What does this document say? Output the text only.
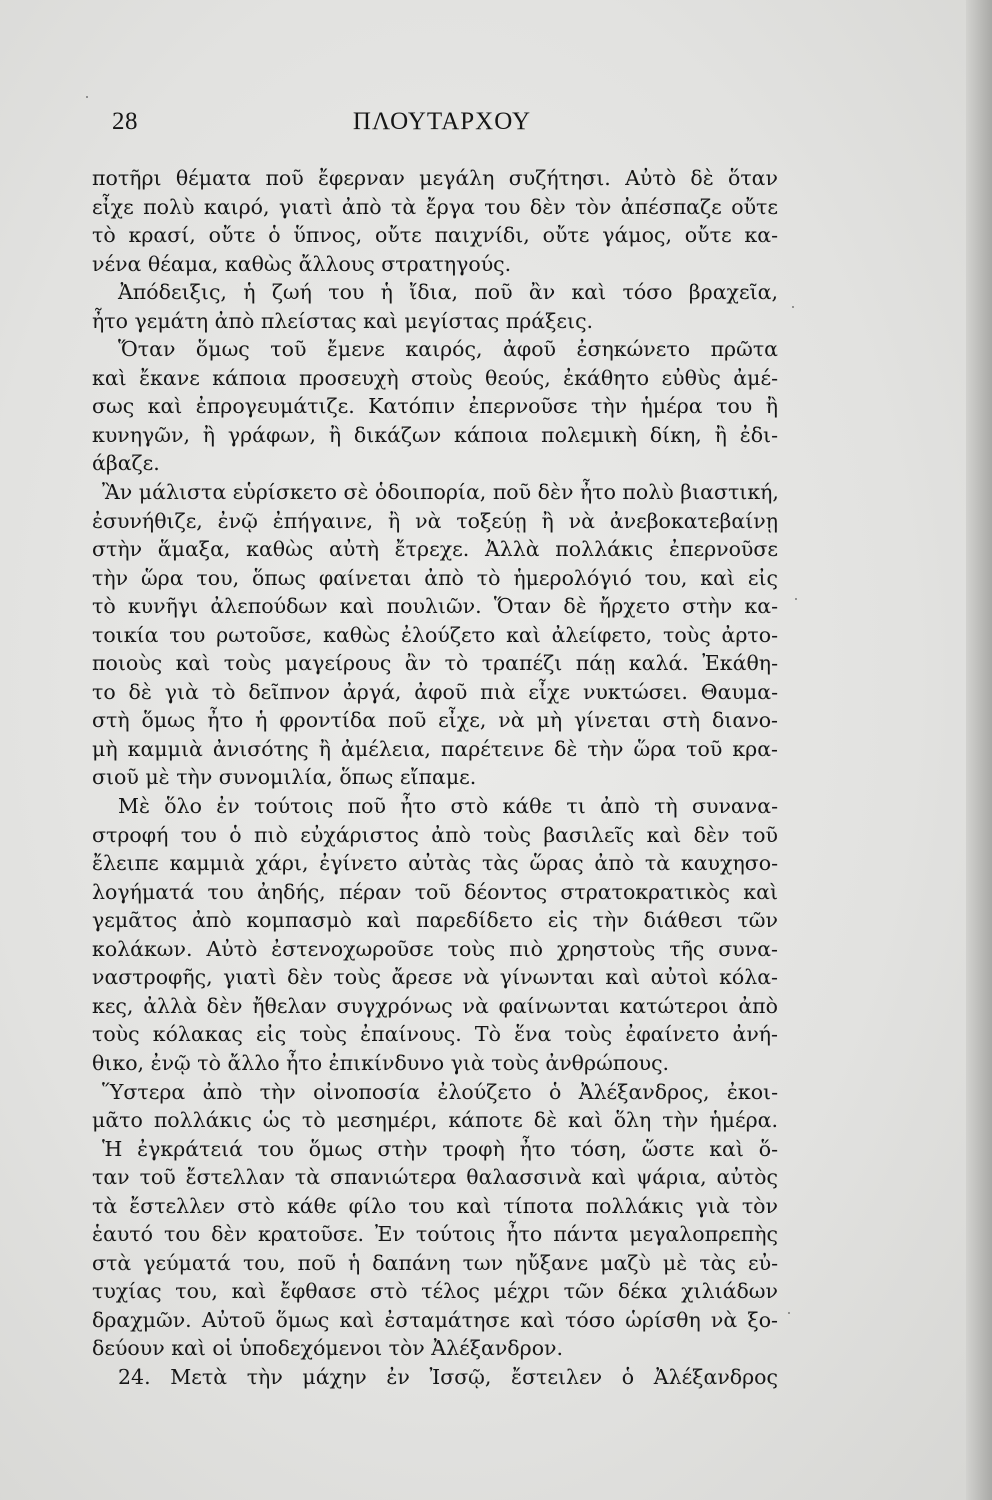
28	ΠΛΟΥΤΑΡΧΟΥ
ποτῆρι θέματα ποῦ ἔφερναν μεγάλη συζήτησι. Αὐτὸ δὲ ὅταν
εἶχε πολὺ καιρό, γιατὶ ἀπὸ τὰ ἔργα του δὲν τὸν ἀπέσπαζε οὔτε
τὸ κρασί, οὔτε ὁ ὕπνος, οὔτε παιχνίδι, οὔτε γάμος, οὔτε κα-
νένα θέαμα, καθὼς ἄλλους στρατηγούς.
Ἀπόδειξις, ἡ ζωή του ἡ ἴδια, ποῦ ἂν καὶ τόσο βραχεῖα,
ἦτο γεμάτη ἀπὸ πλείστας καὶ μεγίστας πράξεις.
Ὅταν ὅμως τοῦ ἔμενε καιρός, ἀφοῦ ἐσηκώνετο πρῶτα
καὶ ἔκανε κάποια προσευχὴ στοὺς θεούς, ἐκάθητο εὐθὺς ἀμέ-
σως καὶ ἐπρογευμάτιζε. Κατόπιν ἐπερνοῦσε τὴν ἡμέρα του ἢ
κυνηγῶν, ἢ γράφων, ἢ δικάζων κάποια πολεμικὴ δίκη, ἢ ἐδι-
άβαζε.
Ἂν μάλιστα εὑρίσκετο σὲ ὁδοιπορία, ποῦ δὲν ἦτο πολὺ βιαστική,
ἐσυνήθιζε, ἐνῷ ἐπήγαινε, ἢ νὰ τοξεύῃ ἢ νὰ ἀνεβοκατεβαίνῃ
στὴν ἅμαξα, καθὼς αὐτὴ ἔτρεχε. Ἀλλὰ πολλάκις ἐπερνοῦσε
τὴν ὥρα του, ὅπως φαίνεται ἀπὸ τὸ ἡμερολόγιό του, καὶ εἰς
τὸ κυνῆγι ἀλεπούδων καὶ πουλιῶν. Ὅταν δὲ ἤρχετο στὴν κα-
τοικία του ρωτοῦσε, καθὼς ἐλούζετο καὶ ἀλείφετο, τοὺς ἀρτο-
ποιοὺς καὶ τοὺς μαγείρους ἂν τὸ τραπέζι πάῃ καλά. Ἐκάθη-
το δὲ γιὰ τὸ δεῖπνον ἀργά, ἀφοῦ πιὰ εἶχε νυκτώσει. Θαυμα-
στὴ ὅμως ἦτο ἡ φροντίδα ποῦ εἶχε, νὰ μὴ γίνεται στὴ διανο-
μὴ καμμιὰ ἀνισότης ἢ ἀμέλεια, παρέτεινε δὲ τὴν ὥρα τοῦ κρα-
σιοῦ μὲ τὴν συνομιλία, ὅπως εἴπαμε.
Μὲ ὅλο ἐν τούτοις ποῦ ἦτο στὸ κάθε τι ἀπὸ τὴ συνανα-
στροφή του ὁ πιὸ εὐχάριστος ἀπὸ τοὺς βασιλεῖς καὶ δὲν τοῦ
ἔλειπε καμμιὰ χάρι, ἐγίνετο αὐτὰς τὰς ὥρας ἀπὸ τὰ καυχησο-
λογήματά του ἀηδής, πέραν τοῦ δέοντος στρατοκρατικὸς καὶ
γεμᾶτος ἀπὸ κομπασμὸ καὶ παρεδίδετο εἰς τὴν διάθεσι τῶν
κολάκων. Αὐτὸ ἐστενοχωροῦσε τοὺς πιὸ χρηστοὺς τῆς συνα-
ναστροφῆς, γιατὶ δὲν τοὺς ἄρεσε νὰ γίνωνται καὶ αὐτοὶ κόλα-
κες, ἀλλὰ δὲν ἤθελαν συγχρόνως νὰ φαίνωνται κατώτεροι ἀπὸ
τοὺς κόλακας εἰς τοὺς ἐπαίνους. Τὸ ἕνα τοὺς ἐφαίνετο ἀνή-
θικο, ἐνῷ τὸ ἄλλο ἦτο ἐπικίνδυνο γιὰ τοὺς ἀνθρώπους.
Ὕστερα ἀπὸ τὴν οἰνοποσία ἐλούζετο ὁ Ἀλέξανδρος, ἐκοι-
μᾶτο πολλάκις ὡς τὸ μεσημέρι, κάποτε δὲ καὶ ὅλη τὴν ἡμέρα.
Ἡ ἐγκράτειά του ὅμως στὴν τροφὴ ἦτο τόση, ὥστε καὶ ὅ-
ταν τοῦ ἔστελλαν τὰ σπανιώτερα θαλασσινὰ καὶ ψάρια, αὐτὸς
τὰ ἔστελλεν στὸ κάθε φίλο του καὶ τίποτα πολλάκις γιὰ τὸν
ἑαυτό του δὲν κρατοῦσε. Ἐν τούτοις ἦτο πάντα μεγαλοπρεπὴς
στὰ γεύματά του, ποῦ ἡ δαπάνη των ηὔξανε μαζὺ μὲ τὰς εὐ-
τυχίας του, καὶ ἔφθασε στὸ τέλος μέχρι τῶν δέκα χιλιάδων
δραχμῶν. Αὐτοῦ ὅμως καὶ ἐσταμάτησε καὶ τόσο ὡρίσθη νὰ ξο-
δεύουν καὶ οἱ ὑποδεχόμενοι τὸν Ἀλέξανδρον.
24. Μετὰ τὴν μάχην ἐν Ἰσσῷ, ἔστειλεν ὁ Ἀλέξανδρος
